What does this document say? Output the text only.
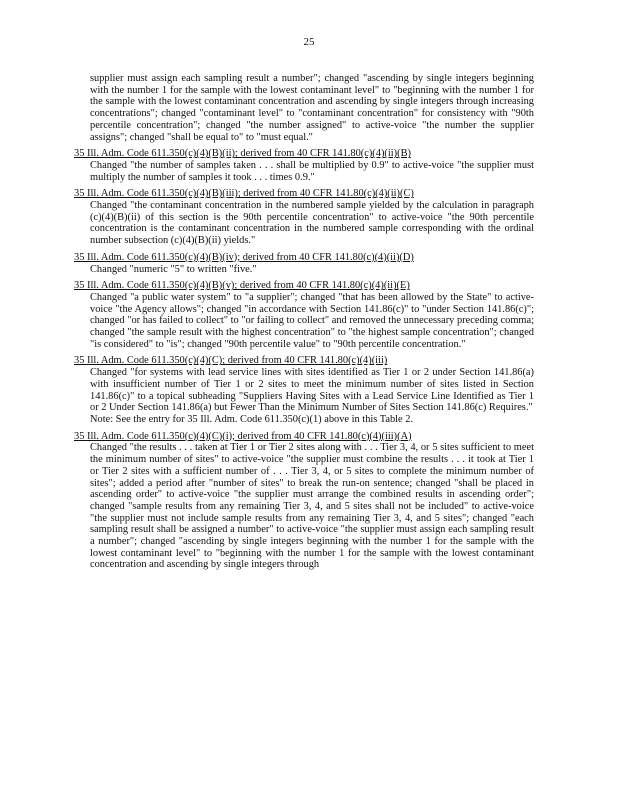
25

supplier must assign each sampling result a number"; changed "ascending by single integers beginning with the number 1 for the sample with the lowest contaminant level" to "beginning with the number 1 for the sample with the lowest contaminant concentration and ascending by single integers through increasing concentrations"; changed "contaminant level" to "contaminant concentration" for consistency with "90th percentile concentration"; changed "the number assigned" to active-voice "the number the supplier assigns"; changed "shall be equal to" to "must equal."

35 Ill. Adm. Code 611.350(c)(4)(B)(ii); derived from 40 CFR 141.80(c)(4)(ii)(B)

Changed "the number of samples taken . . . shall be multiplied by 0.9" to active-voice "the supplier must multiply the number of samples it took . . . times 0.9."

35 Ill. Adm. Code 611.350(c)(4)(B)(iii); derived from 40 CFR 141.80(c)(4)(ii)(C)

Changed "the contaminant concentration in the numbered sample yielded by the calculation in paragraph (c)(4)(B)(ii) of this section is the 90th percentile concentration" to active-voice "the 90th percentile concentration is the contaminant concentration in the numbered sample corresponding with the ordinal number subsection (c)(4)(B)(ii) yields."

35 Ill. Adm. Code 611.350(c)(4)(B)(iv); derived from 40 CFR 141.80(c)(4)(ii)(D)

Changed "numeric "5" to written "five."

35 Ill. Adm. Code 611.350(c)(4)(B)(v); derived from 40 CFR 141.80(c)(4)(ii)(E)

Changed "a public water system" to "a supplier"; changed "that has been allowed by the State" to active-voice "the Agency allows"; changed "in accordance with Section 141.86(c)" to "under Section 141.86(c)"; changed "or has failed to collect" to "or failing to collect" and removed the unnecessary preceding comma; changed "the sample result with the highest concentration" to "the highest sample concentration"; changed "is considered" to "is"; changed "90th percentile value" to "90th percentile concentration."

35 Ill. Adm. Code 611.350(c)(4)(C); derived from 40 CFR 141.80(c)(4)(iii)

Changed "for systems with lead service lines with sites identified as Tier 1 or 2 under Section 141.86(a) with insufficient number of Tier 1 or 2 sites to meet the minimum number of sites listed in Section 141.86(c)" to a topical subheading "Suppliers Having Sites with a Lead Service Line Identified as Tier 1 or 2 Under Section 141.86(a) but Fewer Than the Minimum Number of Sites Section 141.86(c) Requires."

Note: See the entry for 35 Ill. Adm. Code 611.350(c)(1) above in this Table 2.

35 Ill. Adm. Code 611.350(c)(4)(C)(i); derived from 40 CFR 141.80(c)(4)(iii)(A)

Changed "the results . . . taken at Tier 1 or Tier 2 sites along with . . . Tier 3, 4, or 5 sites sufficient to meet the minimum number of sites" to active-voice "the supplier must combine the results . . . it took at Tier 1 or Tier 2 sites with a sufficient number of . . . Tier 3, 4, or 5 sites to complete the minimum number of sites"; added a period after "number of sites" to break the run-on sentence; changed "shall be placed in ascending order" to active-voice "the supplier must arrange the combined results in ascending order"; changed "sample results from any remaining Tier 3, 4, and 5 sites shall not be included" to active-voice "the supplier must not include sample results from any remaining Tier 3, 4, and 5 sites"; changed "each sampling result shall be assigned a number" to active-voice "the supplier must assign each sampling result a number"; changed "ascending by single integers beginning with the number 1 for the sample with the lowest contaminant level" to "beginning with the number 1 for the sample with the lowest contaminant concentration and ascending by single integers through
